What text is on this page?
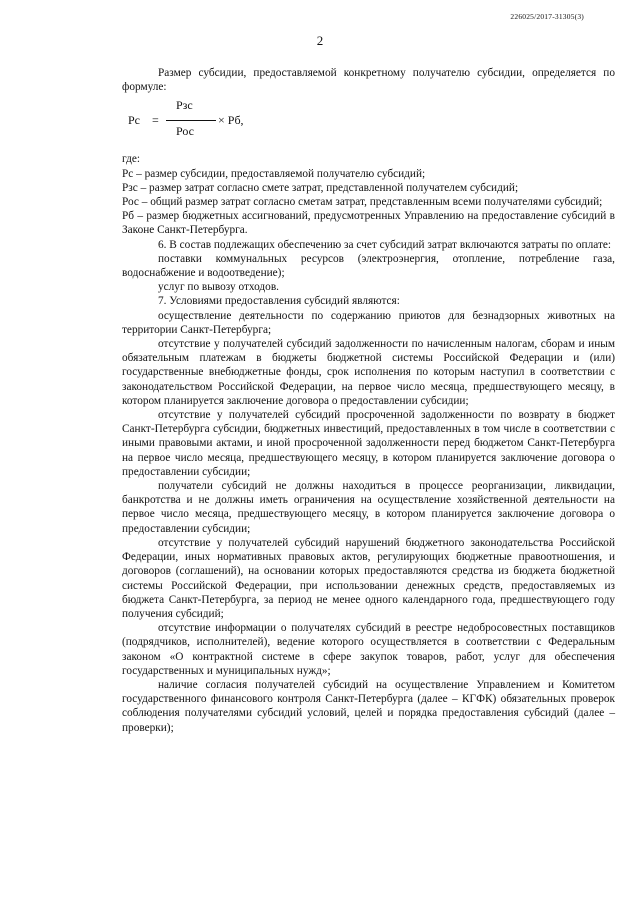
226025/2017-31305(3)
2

Размер субсидии, предоставляемой конкретному получателю субсидии, определяется по формуле:

Рс =
Рзс
Рос
× Рб,

где:

Рс – размер субсидии, предоставляемой получателю субсидий;

Рзс – размер затрат согласно смете затрат, представленной получателем субсидий;

Рос – общий размер затрат согласно сметам затрат, представленным всеми получателями субсидий;

Рб – размер бюджетных ассигнований, предусмотренных Управлению на предоставление субсидий в Законе Санкт-Петербурга.

6. В состав подлежащих обеспечению за счет субсидий затрат включаются затраты по оплате:

поставки коммунальных ресурсов (электроэнергия, отопление, потребление газа, водоснабжение и водоотведение);

услуг по вывозу отходов.

7. Условиями предоставления субсидий являются:

осуществление деятельности по содержанию приютов для безнадзорных животных на территории Санкт-Петербурга;

отсутствие у получателей субсидий задолженности по начисленным налогам, сборам и иным обязательным платежам в бюджеты бюджетной системы Российской Федерации и (или) государственные внебюджетные фонды, срок исполнения по которым наступил в соответствии с законодательством Российской Федерации, на первое число месяца, предшествующего месяцу, в котором планируется заключение договора о предоставлении субсидии;

отсутствие у получателей субсидий просроченной задолженности по возврату в бюджет Санкт-Петербурга субсидии, бюджетных инвестиций, предоставленных в том числе в соответствии с иными правовыми актами, и иной просроченной задолженности перед бюджетом Санкт-Петербурга на первое число месяца, предшествующего месяцу, в котором планируется заключение договора о предоставлении субсидии;

получатели субсидий не должны находиться в процессе реорганизации, ликвидации, банкротства и не должны иметь ограничения на осуществление хозяйственной деятельности на первое число месяца, предшествующего месяцу, в котором планируется заключение договора о предоставлении субсидии;

отсутствие у получателей субсидий нарушений бюджетного законодательства Российской Федерации, иных нормативных правовых актов, регулирующих бюджетные правоотношения, и договоров (соглашений), на основании которых предоставляются средства из бюджета бюджетной системы Российской Федерации, при использовании денежных средств, предоставляемых из бюджета Санкт-Петербурга, за период не менее одного календарного года, предшествующего году получения субсидий;

отсутствие информации о получателях субсидий в реестре недобросовестных поставщиков (подрядчиков, исполнителей), ведение которого осуществляется в соответствии с Федеральным законом «О контрактной системе в сфере закупок товаров, работ, услуг для обеспечения государственных и муниципальных нужд»;

наличие согласия получателей субсидий на осуществление Управлением и Комитетом государственного финансового контроля Санкт-Петербурга (далее – КГФК) обязательных проверок соблюдения получателями субсидий условий, целей и порядка предоставления субсидий (далее – проверки);
